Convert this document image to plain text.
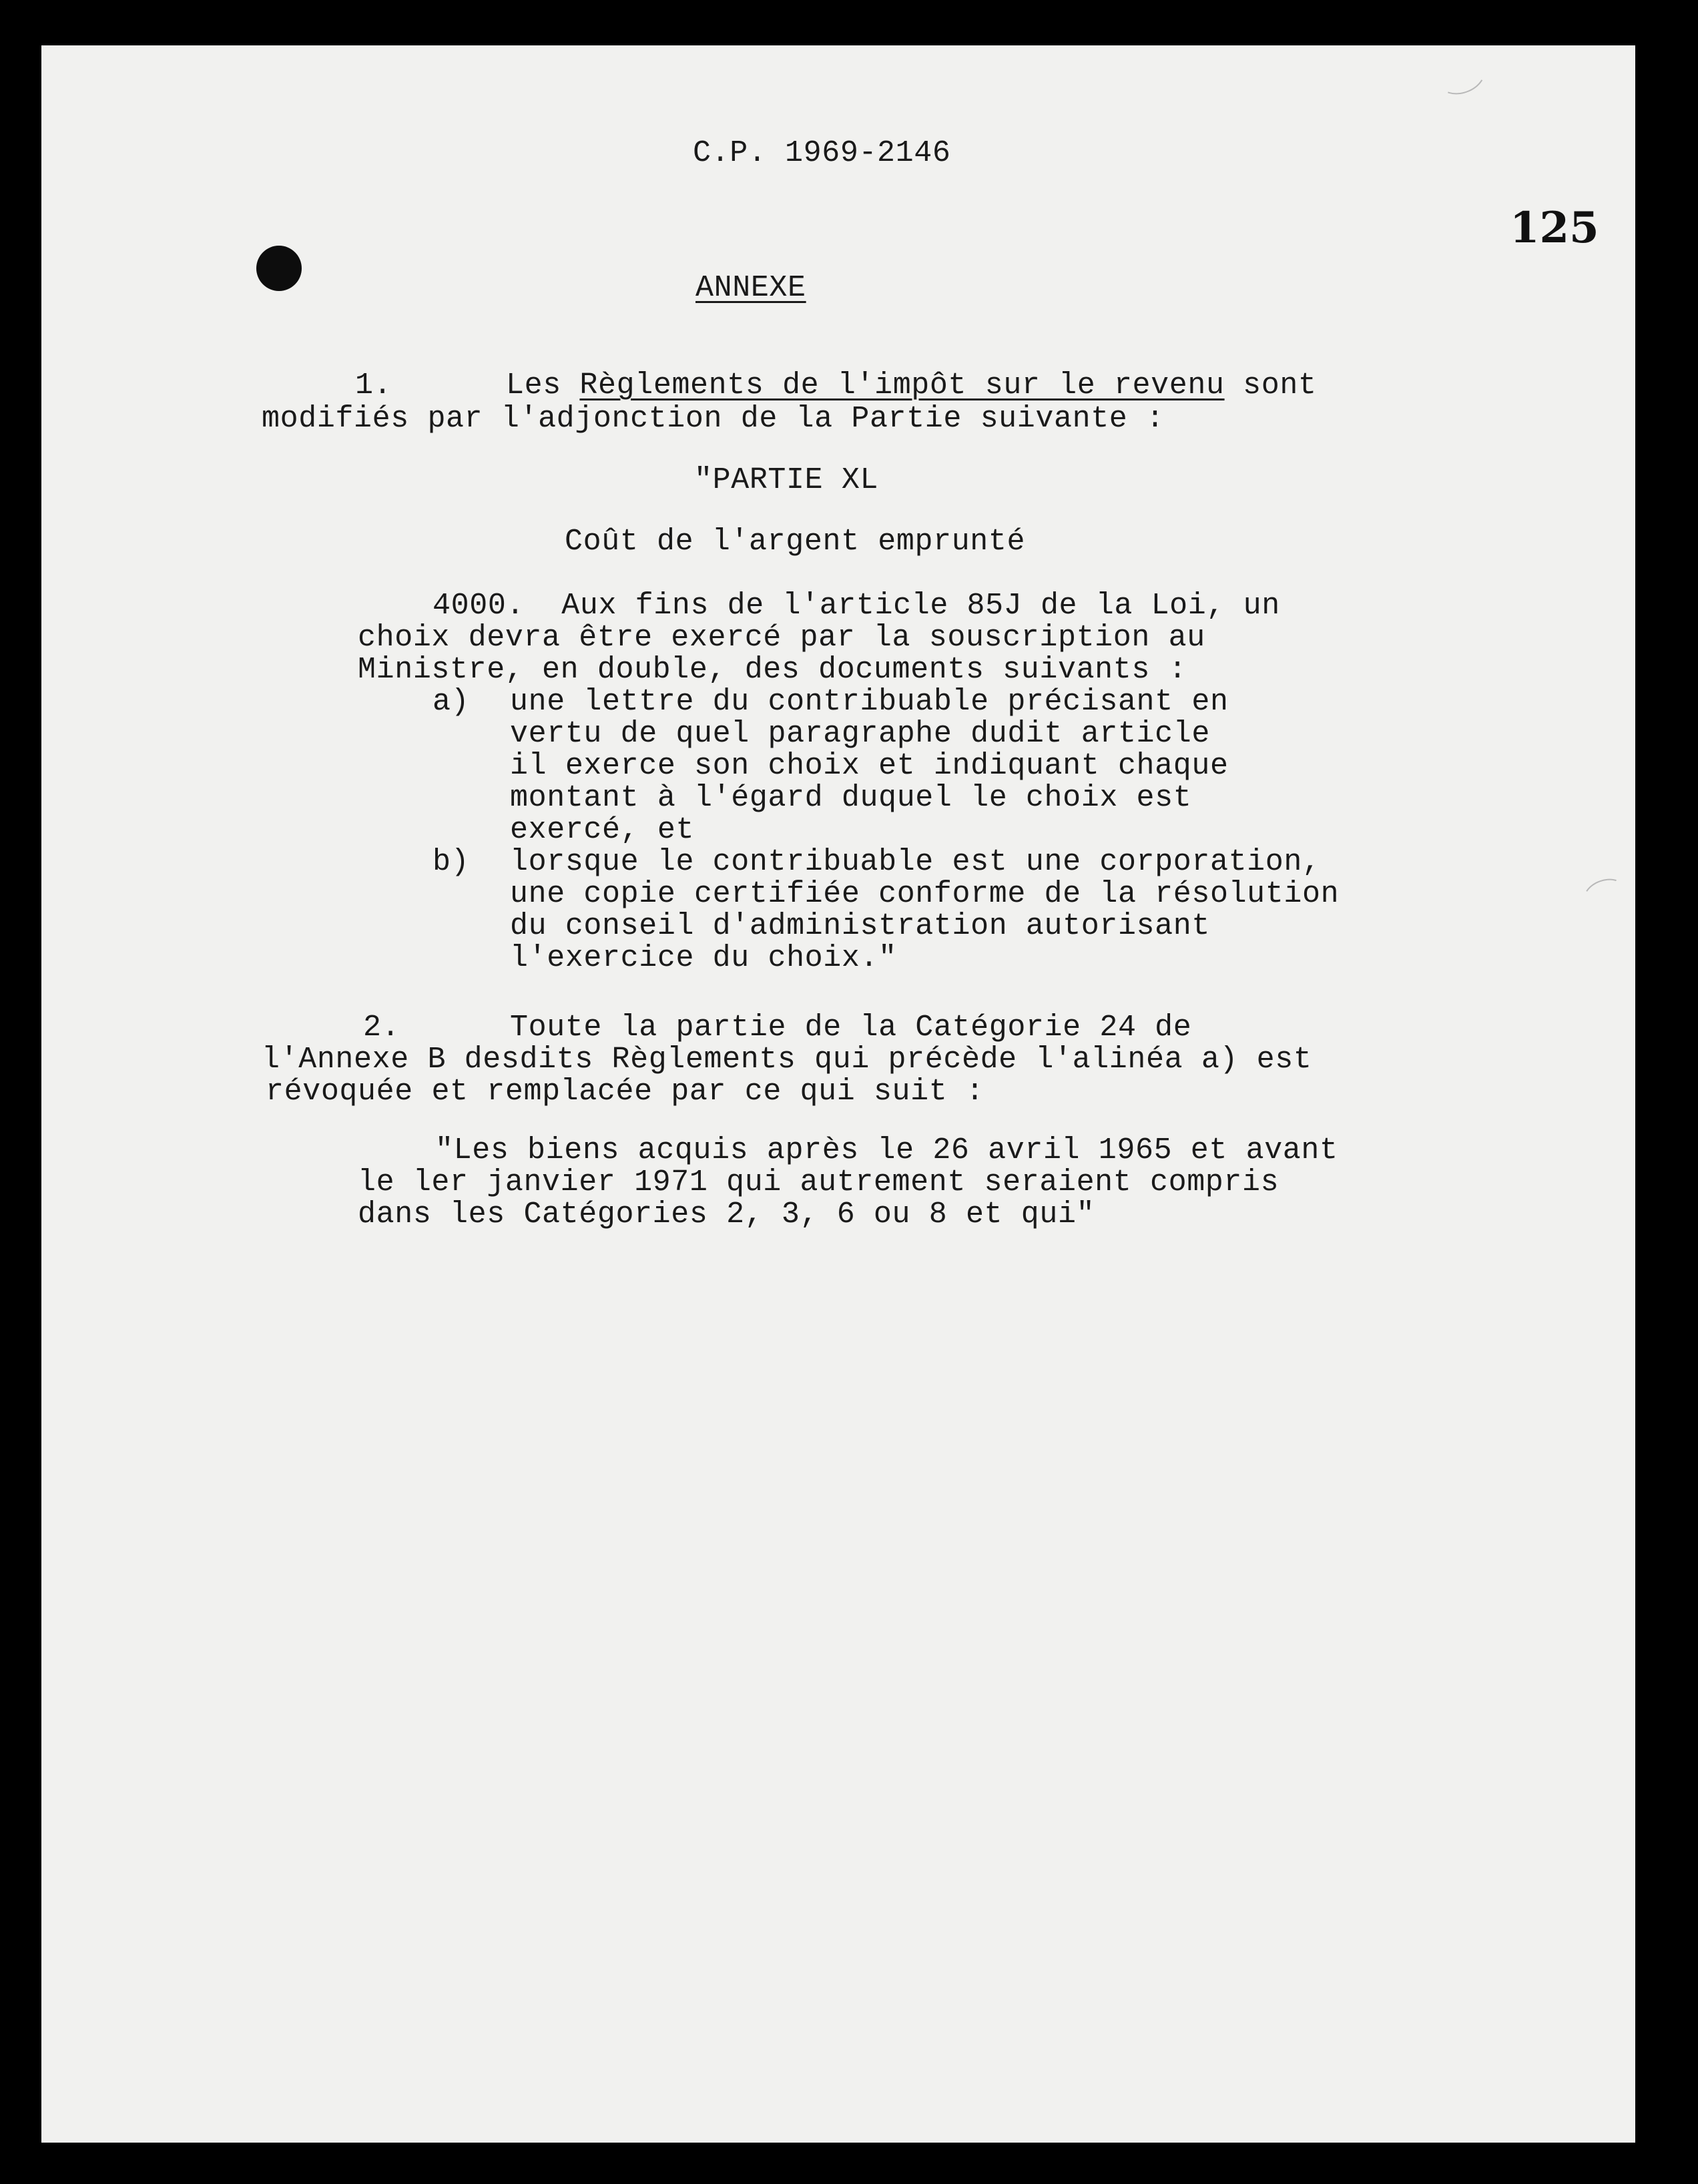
C.P. 1969-2146
125
ANNEXE
1.	Les Règlements de l'impôt sur le revenu sont
modifiés par l'adjonction de la Partie suivante :
"PARTIE XL
Coût de l'argent emprunté
4000.  Aux fins de l'article 85J de la Loi, un
choix devra être exercé par la souscription au
Ministre, en double, des documents suivants :
a) une lettre du contribuable précisant en
vertu de quel paragraphe dudit article
il exerce son choix et indiquant chaque
montant à l'égard duquel le choix est
exercé, et
b) lorsque le contribuable est une corporation,
une copie certifiée conforme de la résolution
du conseil d'administration autorisant
l'exercice du choix."
2.	Toute la partie de la Catégorie 24 de
l'Annexe B desdits Règlements qui précède l'alinéa a) est
révoquée et remplacée par ce qui suit :
"Les biens acquis après le 26 avril 1965 et avant
le ler janvier 1971 qui autrement seraient compris
dans les Catégories 2, 3, 6 ou 8 et qui"
